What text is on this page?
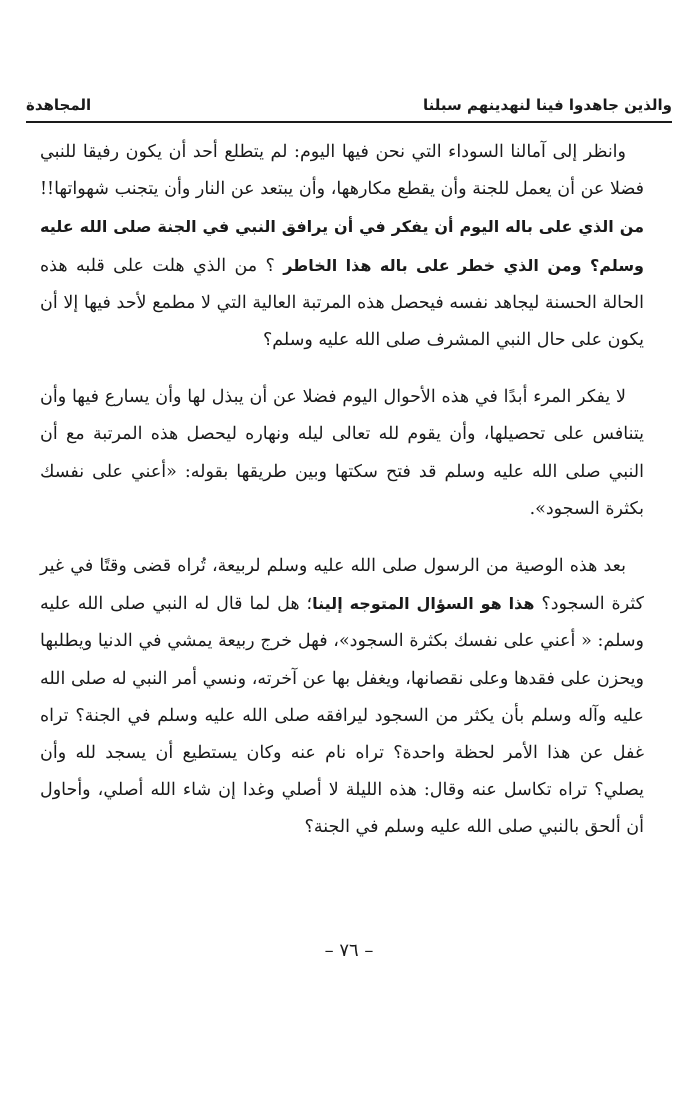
المجاهدة	والذين جاهدوا فينا لنهدينهم سبلنا

وانظر إلى آمالنا السوداء التي نحن فيها اليوم: لم يتطلع أحد أن يكون رفيقا للنبي فضلا عن أن يعمل للجنة وأن يقطع مكارهها، وأن يبتعد عن النار وأن يتجنب شهواتها!! من الذي على باله اليوم أن يفكر في أن يرافق النبي في الجنة صلى الله عليه وسلم؟ ومن الذي خطر على باله هذا الخاطر ؟ من الذي هلت على قلبه هذه الحالة الحسنة ليجاهد نفسه فيحصل هذه المرتبة العالية التي لا مطمع لأحد فيها إلا أن يكون على حال النبي المشرف صلى الله عليه وسلم؟

لا يفكر المرء أبدًا في هذه الأحوال اليوم فضلا عن أن يبذل لها وأن يسارع فيها وأن يتنافس على تحصيلها، وأن يقوم لله تعالى ليله ونهاره ليحصل هذه المرتبة مع أن النبي صلى الله عليه وسلم قد فتح سكتها وبين طريقها بقوله: «أعني على نفسك بكثرة السجود».

بعد هذه الوصية من الرسول صلى الله عليه وسلم لربيعة، تُراه قضى وقتًا في غير كثرة السجود؟ هذا هو السؤال المتوجه إلينا؛ هل لما قال له النبي صلى الله عليه وسلم: « أعني على نفسك بكثرة السجود»، فهل خرج ربيعة يمشي في الدنيا ويطلبها ويحزن على فقدها وعلى نقصانها، ويغفل بها عن آخرته، ونسي أمر النبي له صلى الله عليه وآله وسلم بأن يكثر من السجود ليرافقه صلى الله عليه وسلم في الجنة؟ تراه غفل عن هذا الأمر لحظة واحدة؟ تراه نام عنه وكان يستطيع أن يسجد لله وأن يصلي؟ تراه تكاسل عنه وقال: هذه الليلة لا أصلي وغدا إن شاء الله أصلي، وأحاول أن ألحق بالنبي صلى الله عليه وسلم في الجنة؟

– ٧٦ –
